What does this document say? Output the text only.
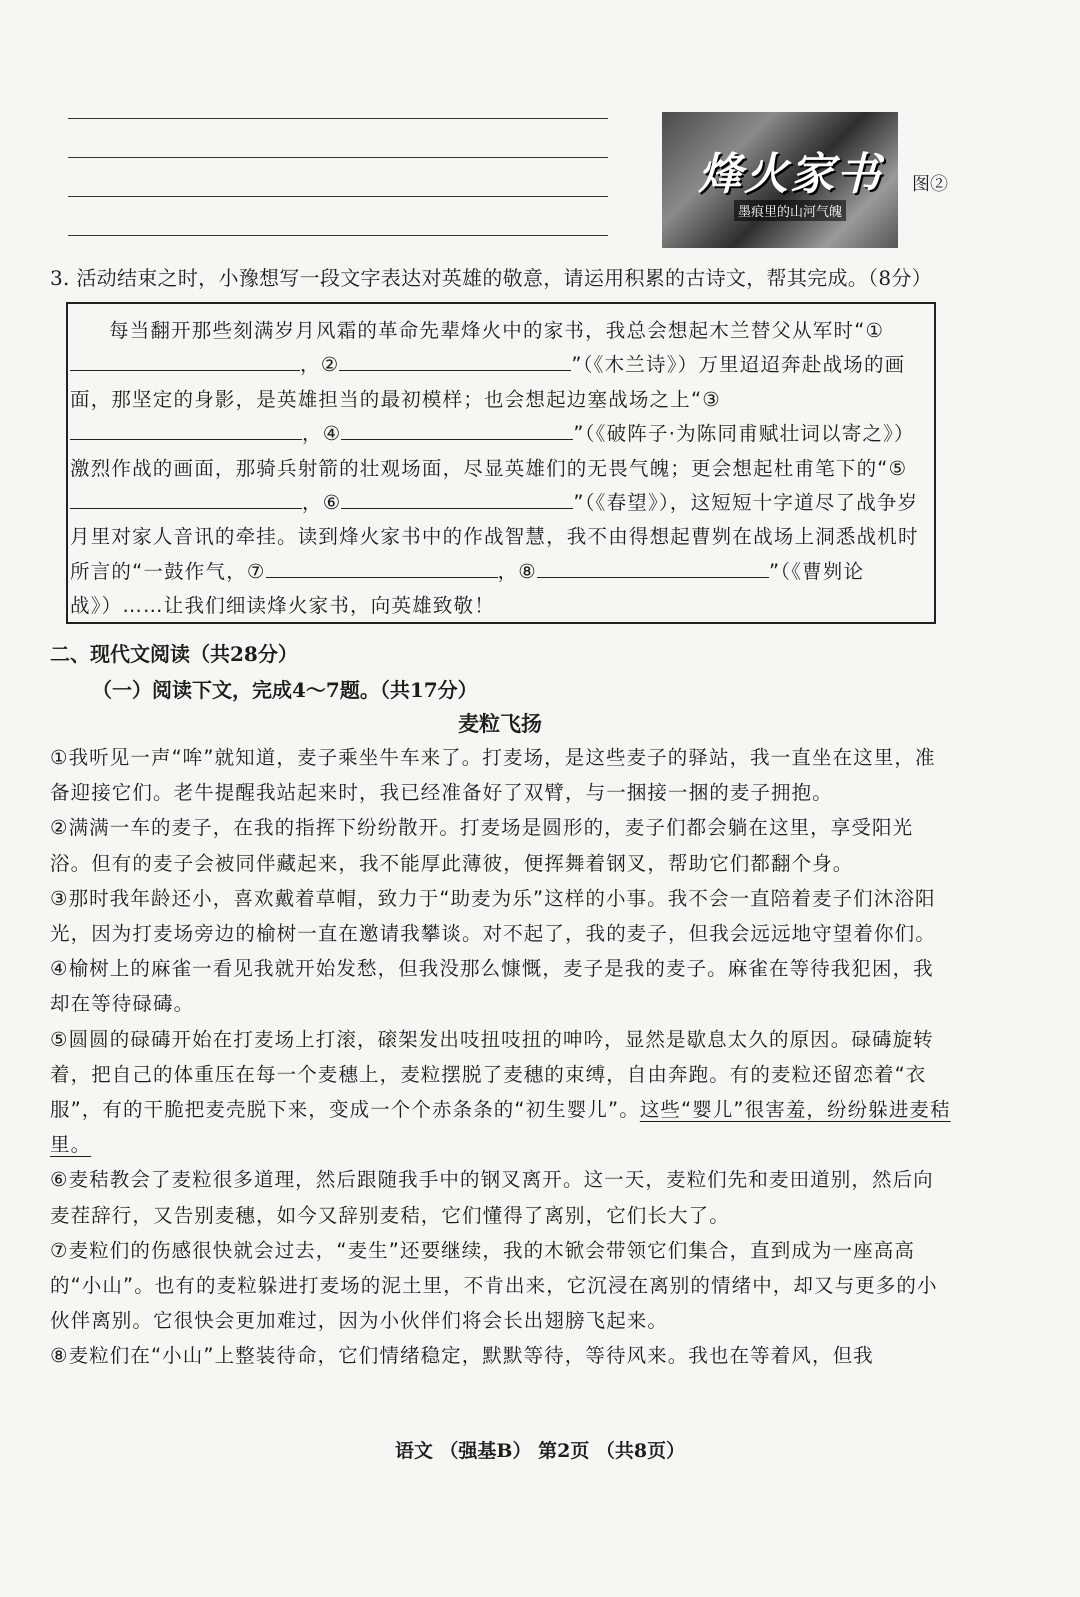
烽火家书
墨痕里的山河气魄
图②
3. 活动结束之时，小豫想写一段文字表达对英雄的敬意，请运用积累的古诗文，帮其完成。（8分）

每当翻开那些刻满岁月风霜的革命先辈烽火中的家书，我总会想起木兰替父从军时“①，②	”（《木兰诗》）万里迢迢奔赴战场的画面，那坚定的身影，是英雄担当的最初模样；也会想起边塞战场之上“③，④	”（《破阵子·为陈同甫赋壮词以寄之》）激烈作战的画面，那骑兵射箭的壮观场面，尽显英雄们的无畏气魄；更会想起杜甫笔下的“⑤，⑥	”（《春望》），这短短十字道尽了战争岁月里对家人音讯的牵挂。读到烽火家书中的作战智慧，我不由得想起曹刿在战场上洞悉战机时所言的“一鼓作气，⑦	，⑧	”（《曹刿论战》）……让我们细读烽火家书，向英雄致敬！

二、现代文阅读（共28分）
（一）阅读下文，完成4～7题。（共17分）
麦粒飞扬

①我听见一声“哞”就知道，麦子乘坐牛车来了。打麦场，是这些麦子的驿站，我一直坐在这里，准备迎接它们。老牛提醒我站起来时，我已经准备好了双臂，与一捆接一捆的麦子拥抱。

②满满一车的麦子，在我的指挥下纷纷散开。打麦场是圆形的，麦子们都会躺在这里，享受阳光浴。但有的麦子会被同伴藏起来，我不能厚此薄彼，便挥舞着钢叉，帮助它们都翻个身。

③那时我年龄还小，喜欢戴着草帽，致力于“助麦为乐”这样的小事。我不会一直陪着麦子们沐浴阳光，因为打麦场旁边的榆树一直在邀请我攀谈。对不起了，我的麦子，但我会远远地守望着你们。

④榆树上的麻雀一看见我就开始发愁，但我没那么慷慨，麦子是我的麦子。麻雀在等待我犯困，我却在等待碌碡。

⑤圆圆的碌碡开始在打麦场上打滚，磙架发出吱扭吱扭的呻吟，显然是歇息太久的原因。碌碡旋转着，把自己的体重压在每一个麦穗上，麦粒摆脱了麦穗的束缚，自由奔跑。有的麦粒还留恋着“衣服”，有的干脆把麦壳脱下来，变成一个个赤条条的“初生婴儿”。这些“婴儿”很害羞，纷纷躲进麦秸里。

⑥麦秸教会了麦粒很多道理，然后跟随我手中的钢叉离开。这一天，麦粒们先和麦田道别，然后向麦茬辞行，又告别麦穗，如今又辞别麦秸，它们懂得了离别，它们长大了。

⑦麦粒们的伤感很快就会过去，“麦生”还要继续，我的木锨会带领它们集合，直到成为一座高高的“小山”。也有的麦粒躲进打麦场的泥土里，不肯出来，它沉浸在离别的情绪中，却又与更多的小伙伴离别。它很快会更加难过，因为小伙伴们将会长出翅膀飞起来。

⑧麦粒们在“小山”上整装待命，它们情绪稳定，默默等待，等待风来。我也在等着风，但我

语文 （强基B） 第2页 （共8页）
